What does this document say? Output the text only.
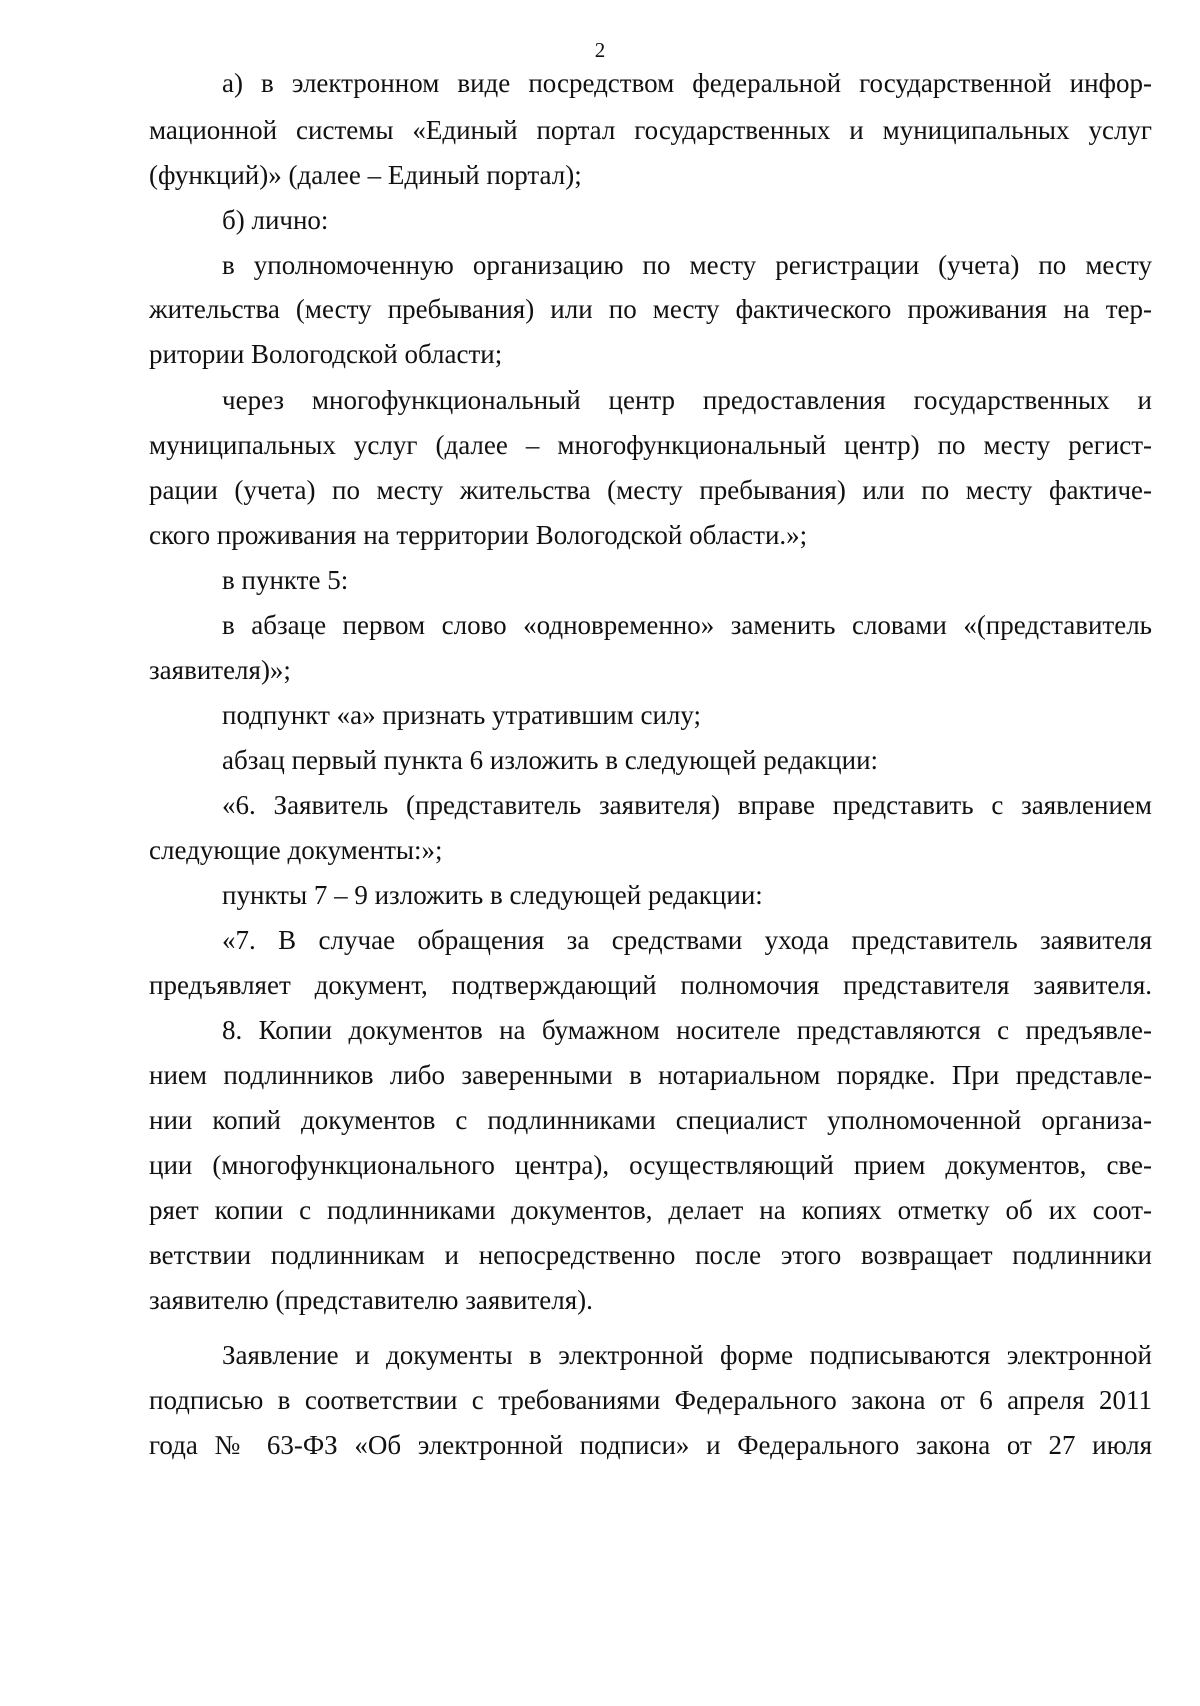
2
а) в электронном виде посредством федеральной государственной инфор-
мационной системы «Единый портал государственных и муниципальных услуг
(функций)» (далее – Единый портал);
б) лично:
в уполномоченную организацию по месту регистрации (учета) по месту
жительства (месту пребывания) или по месту фактического проживания на тер-
ритории Вологодской области;
через многофункциональный центр предоставления государственных и
муниципальных услуг (далее – многофункциональный центр) по месту регист-
рации (учета) по месту жительства (месту пребывания) или по месту фактиче-
ского проживания на территории Вологодской области.»;
в пункте 5:
в абзаце первом слово «одновременно» заменить словами «(представитель
заявителя)»;
подпункт «а» признать утратившим силу;
абзац первый пункта 6 изложить в следующей редакции:
«6. Заявитель (представитель заявителя) вправе представить с заявлением
следующие документы:»;
пункты 7 – 9 изложить в следующей редакции:
«7. В случае обращения за средствами ухода представитель заявителя
предъявляет документ, подтверждающий полномочия представителя заявителя.
8. Копии документов на бумажном носителе представляются с предъявле-
нием подлинников либо заверенными в нотариальном порядке. При представле-
нии копий документов с подлинниками специалист уполномоченной организа-
ции (многофункционального центра), осуществляющий прием документов, све-
ряет копии с подлинниками документов, делает на копиях отметку об их соот-
ветствии подлинникам и непосредственно после этого возвращает подлинники
заявителю (представителю заявителя).
Заявление и документы в электронной форме подписываются электронной
подписью в соответствии с требованиями Федерального закона от 6 апреля 2011
года № 63-ФЗ «Об электронной подписи» и Федерального закона от 27 июля
